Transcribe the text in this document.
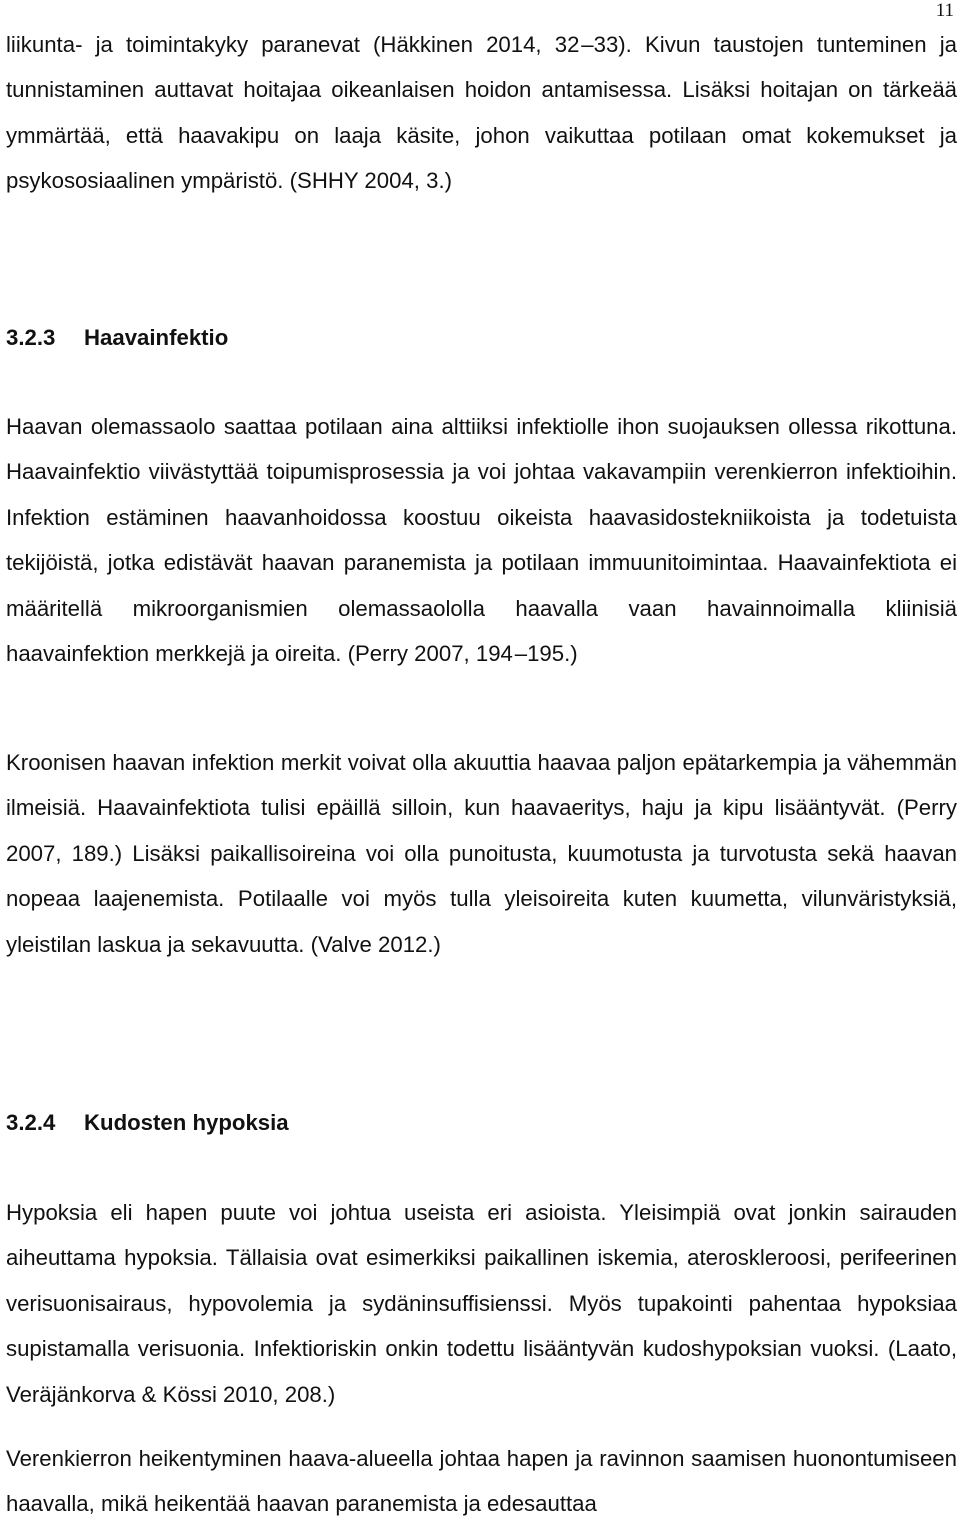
11

liikunta- ja toimintakyky paranevat (Häkkinen 2014, 32 –33). Kivun taustojen tunteminen ja tunnistaminen auttavat hoitajaa oikeanlaisen hoidon antamisessa. Lisäksi hoitajan on tärkeää ymmärtää, että haavakipu on laaja käsite, johon vaikuttaa potilaan omat kokemukset ja psykososiaalinen ympäristö. (SHHY 2004, 3.)

3.2.3 Haavainfektio

Haavan olemassaolo saattaa potilaan aina alttiiksi infektiolle ihon suojauksen ollessa rikottuna. Haavainfektio viivästyttää toipumisprosessia ja voi johtaa vakavampiin verenkierron infektioihin. Infektion estäminen haavanhoidossa koostuu oikeista haavasidostekniikoista ja todetuista tekijöistä, jotka edistävät haavan paranemista ja potilaan immuunitoimintaa. Haavainfektiota ei määritellä mikroorganismien olemassaololla haavalla vaan havainnoimalla kliinisiä haavainfektion merkkejä ja oireita. (Perry 2007, 194 –195.)

Kroonisen haavan infektion merkit voivat olla akuuttia haavaa paljon epätarkempia ja vähemmän ilmeisiä. Haavainfektiota tulisi epäillä silloin, kun haavaeritys, haju ja kipu lisääntyvät. (Perry 2007, 189.) Lisäksi paikallisoireina voi olla punoitusta, kuumotusta ja turvotusta sekä haavan nopeaa laajenemista. Potilaalle voi myös tulla yleisoireita kuten kuumetta, vilunväristyksiä, yleistilan laskua ja sekavuutta. (Valve 2012.)

3.2.4 Kudosten hypoksia

Hypoksia eli hapen puute voi johtua useista eri asioista. Yleisimpiä ovat jonkin sairauden aiheuttama hypoksia. Tällaisia ovat esimerkiksi paikallinen iskemia, ateroskleroosi, perifeerinen verisuonisairaus, hypovolemia ja sydäninsuffisienssi. Myös tupakointi pahentaa hypoksiaa supistamalla verisuonia. Infektioriskin onkin todettu lisääntyvän kudoshypoksian vuoksi. (Laato, Veräjänkorva & Kössi 2010, 208.)

Verenkierron heikentyminen haava-alueella johtaa hapen ja ravinnon saamisen huonontumiseen haavalla, mikä heikentää haavan paranemista ja edesauttaa
